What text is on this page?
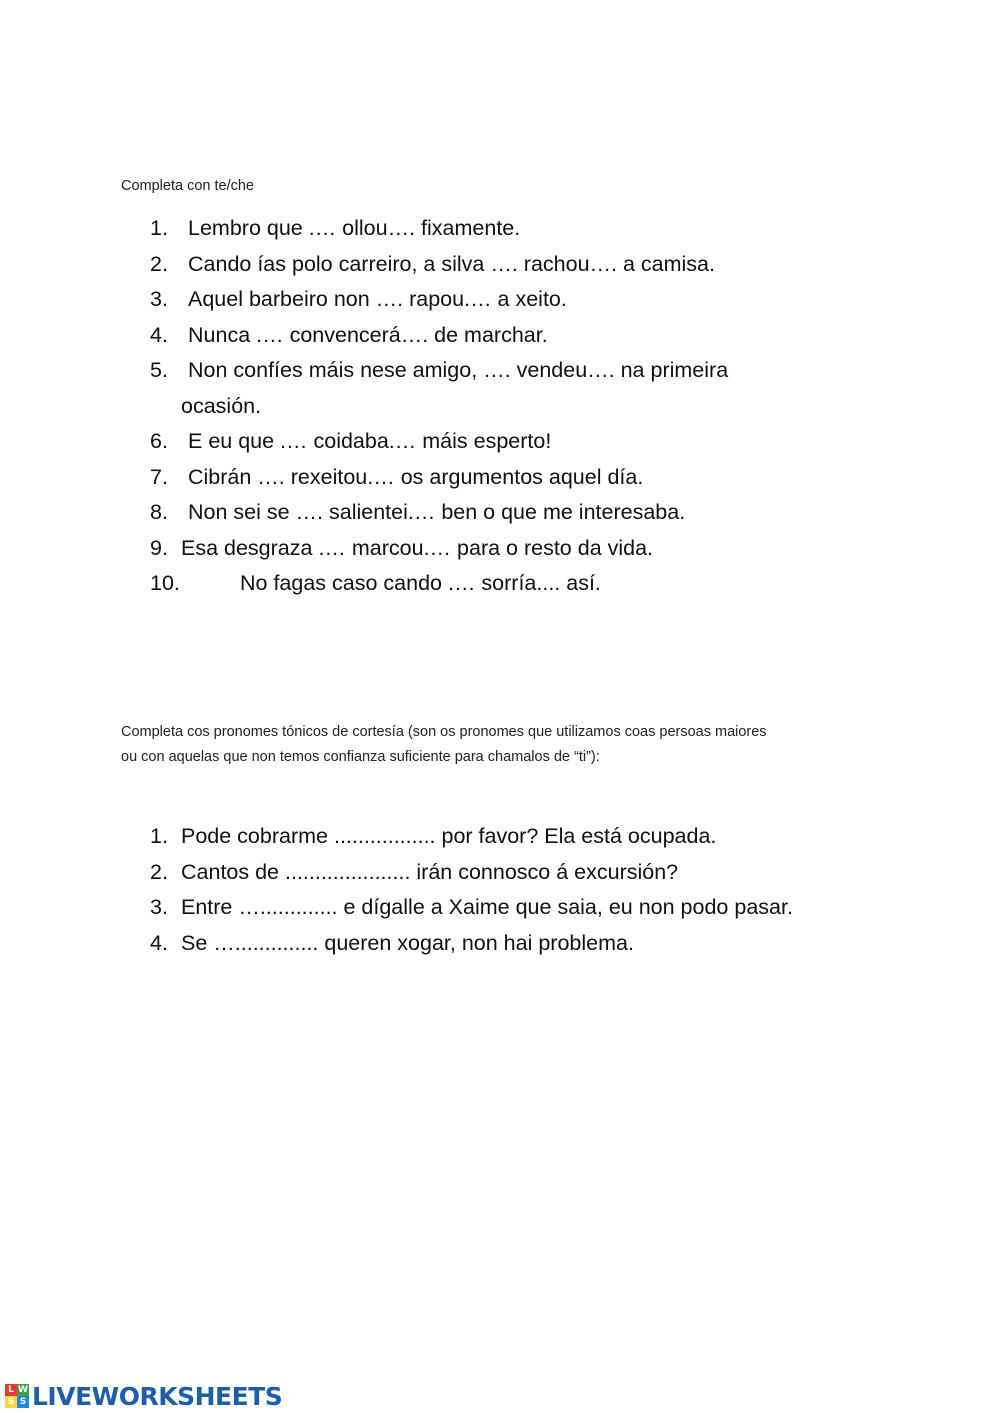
Completa con te/che

1. Lembro que .… ollou…. fixamente.
2. Cando ías polo carreiro, a silva …. rachou…. a camisa.
3. Aquel barbeiro non …. rapou.… a xeito.
4. Nunca .… convencerá…. de marchar.
5. Non confíes máis nese amigo, …. vendeu…. na primeira
ocasión.
6. E eu que .… coidaba.… máis esperto!
7. Cibrán …. rexeitou.… os argumentos aquel día.
8. Non sei se …. salientei.… ben o que me interesaba.
9. Esa desgraza .… marcou.… para o resto da vida.
10.	No fagas caso cando .… sorría.... así.

Completa cos pronomes tónicos de cortesía (son os pronomes que utilizamos coas persoas maiores
ou con aquelas que non temos confianza suficiente para chamalos de “ti”):

1. Pode cobrarme ................. por favor? Ela está ocupada.
2. Cantos de ..................... irán connosco á excursión?
3. Entre …............. e dígalle a Xaime que saia, eu non podo pasar.
4. Se ….............. queren xogar, non hai problema.
L W
S S LIVEWORKSHEETS
